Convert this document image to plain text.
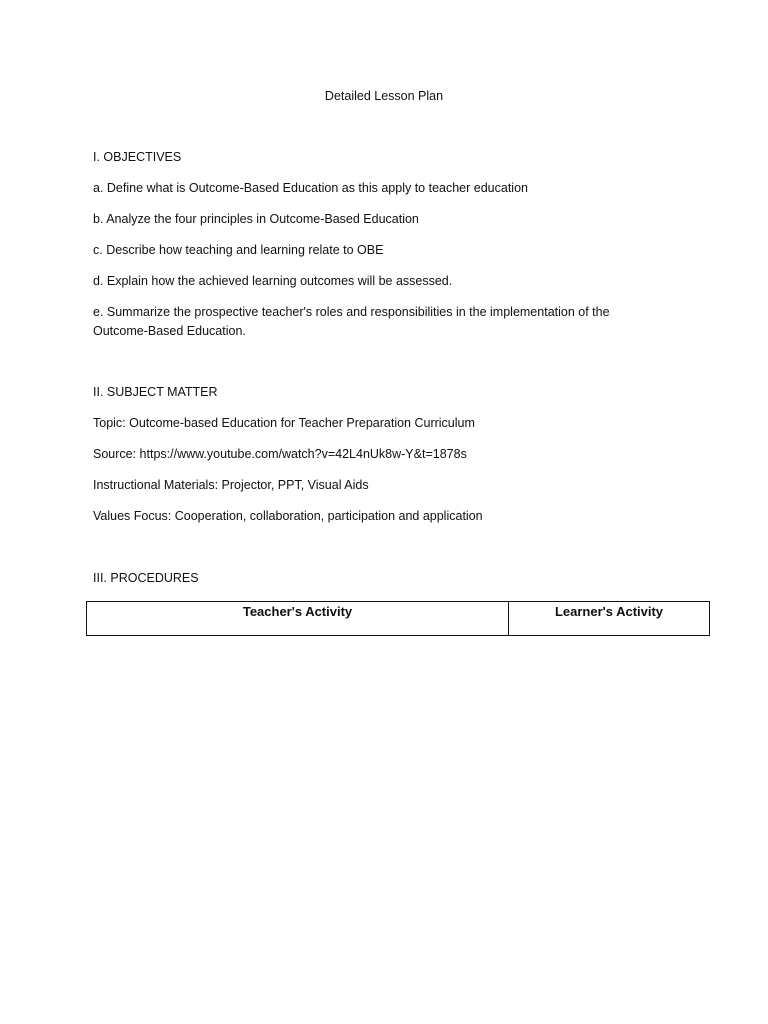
Detailed Lesson Plan
I. OBJECTIVES
a. Define what is Outcome-Based Education as this apply to teacher education
b. Analyze the four principles in Outcome-Based Education
c. Describe how teaching and learning relate to OBE
d. Explain how the achieved learning outcomes will be assessed.
e. Summarize the prospective teacher's roles and responsibilities in the implementation of the Outcome-Based Education.
II. SUBJECT MATTER
Topic: Outcome-based Education for Teacher Preparation Curriculum
Source: https://www.youtube.com/watch?v=42L4nUk8w-Y&t=1878s
Instructional Materials: Projector, PPT, Visual Aids
Values Focus: Cooperation, collaboration, participation and application
III. PROCEDURES
Teacher's Activity	Learner's Activity
